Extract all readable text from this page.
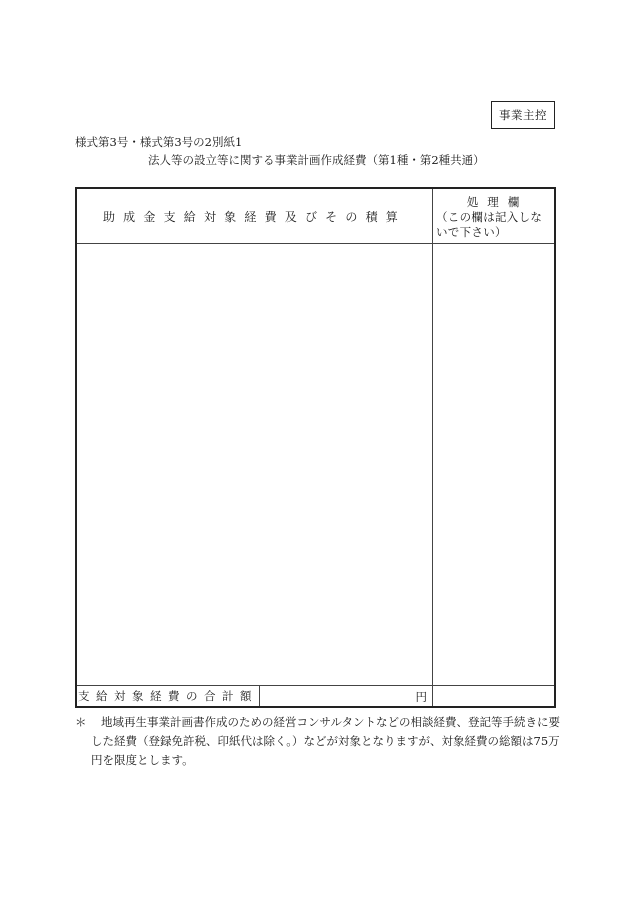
事業主控
様式第3号・様式第3号の2別紙1
法人等の設立等に関する事業計画作成経費（第1種・第2種共通）
助成金支給対象経費及びその積算
処理欄
（この欄は記入しないで下さい）
支給対象経費の合計額	円
＊	地域再生事業計画書作成のための経営コンサルタントなどの相談経費、登記等手続きに要した経費（登録免許税、印紙代は除く。）などが対象となりますが、対象経費の総額は75万円を限度とします。
